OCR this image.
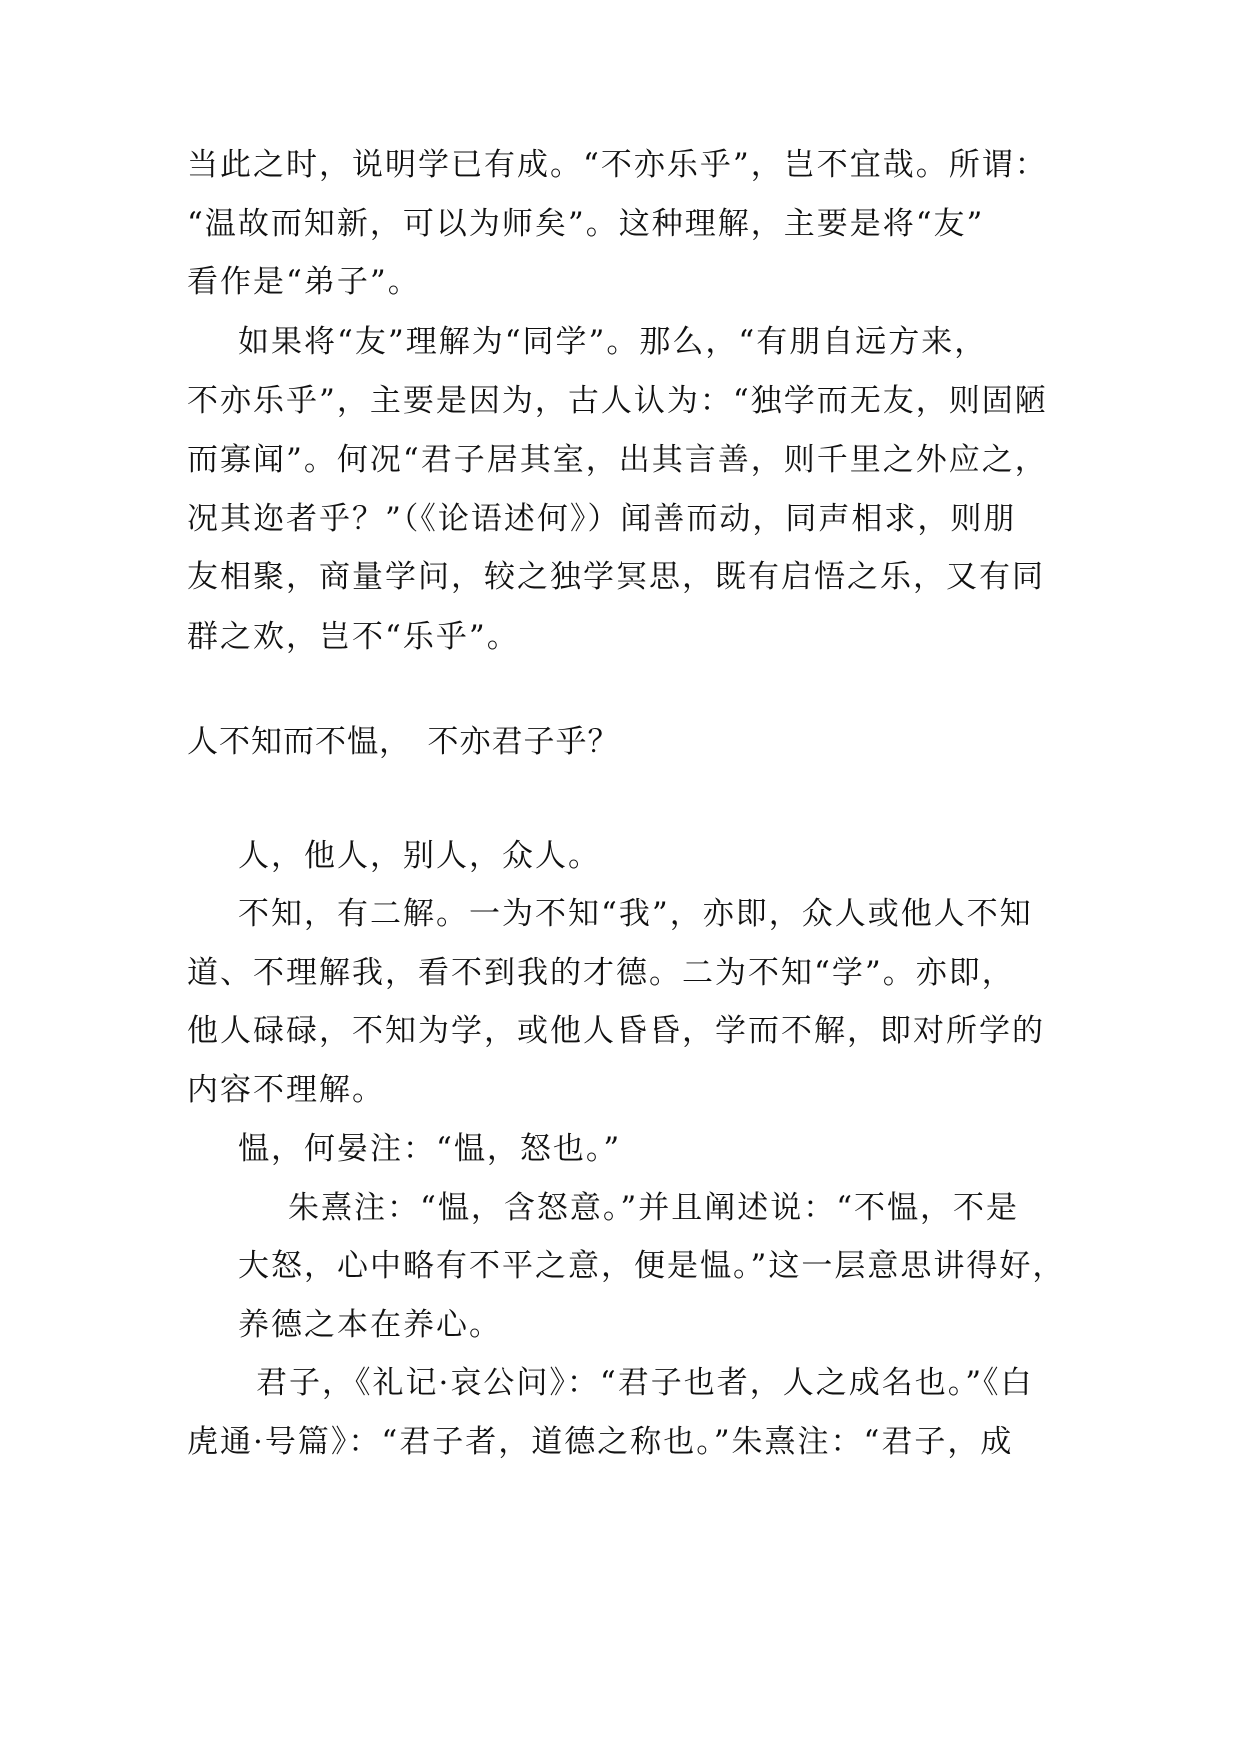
当此之时，说明学已有成。“不亦乐乎”，岂不宜哉。所谓：
“温故而知新，可以为师矣”。这种理解，主要是将“友”
看作是“弟子”。
如果将“友”理解为“同学”。那么，“有朋自远方来，
不亦乐乎”，主要是因为，古人认为：“独学而无友，则固陋
而寡闻”。何况“君子居其室，出其言善，则千里之外应之，
况其迩者乎？”（《论语述何》）闻善而动，同声相求，则朋
友相聚，商量学问，较之独学冥思，既有启悟之乐，又有同
群之欢，岂不“乐乎”。
人不知而不愠，　不亦君子乎？
人，他人，别人，众人。
不知，有二解。一为不知“我”，亦即，众人或他人不知
道、不理解我，看不到我的才德。二为不知“学”。亦即，
他人碌碌，不知为学，或他人昏昏，学而不解，即对所学的
内容不理解。
愠，何晏注：“愠，怒也。”
朱熹注：“愠，含怒意。”并且阐述说：“不愠，不是
大怒，心中略有不平之意，便是愠。”这一层意思讲得好，
养德之本在养心。
君子，《礼记·哀公问》：“君子也者，人之成名也。”《白
虎通·号篇》：“君子者，道德之称也。”朱熹注：“君子，成
